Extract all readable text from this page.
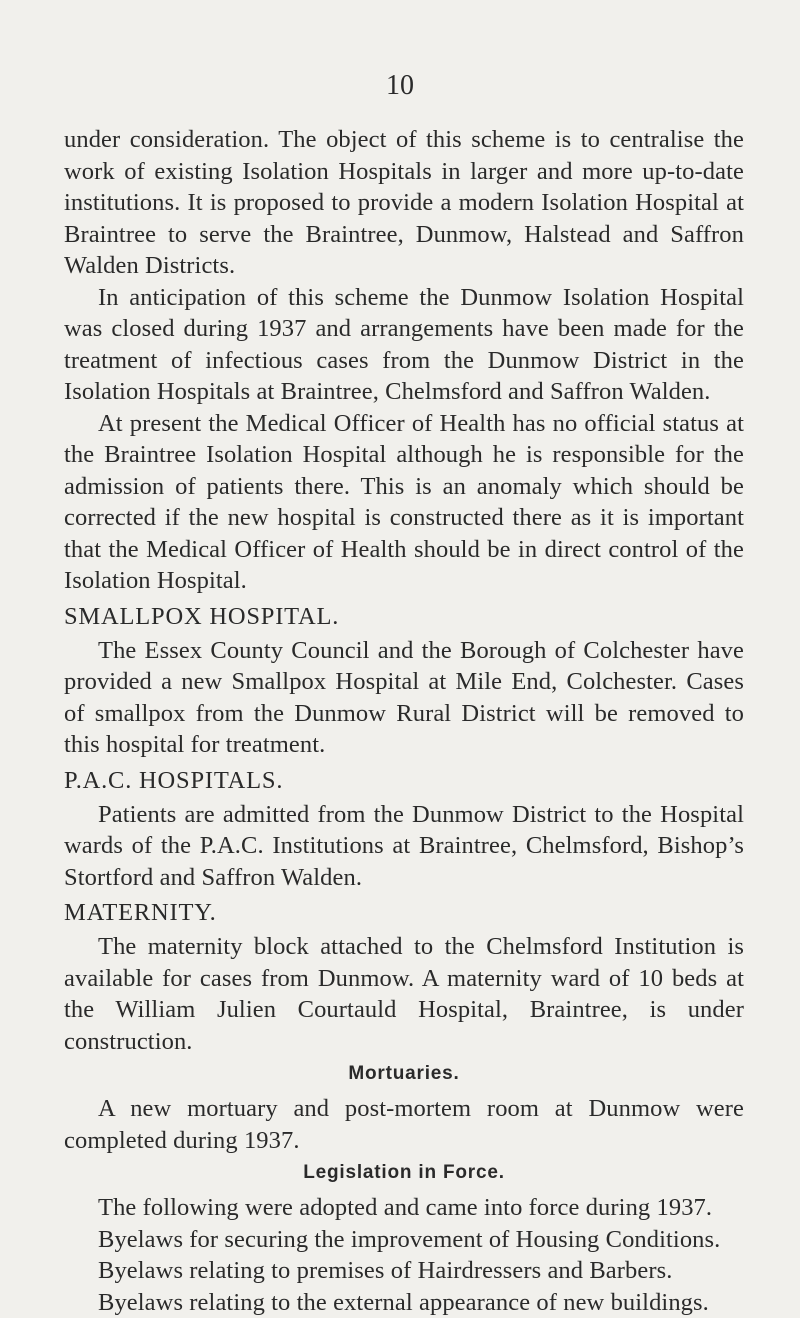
10

under consideration. The object of this scheme is to centralise the work of existing Isolation Hospitals in larger and more up-to-date institutions. It is proposed to provide a modern Isolation Hospital at Braintree to serve the Braintree, Dunmow, Halstead and Saffron Walden Districts.

In anticipation of this scheme the Dunmow Isolation Hospital was closed during 1937 and arrangements have been made for the treatment of infectious cases from the Dunmow District in the Isolation Hospitals at Braintree, Chelmsford and Saffron Walden.

At present the Medical Officer of Health has no official status at the Braintree Isolation Hospital although he is responsible for the admission of patients there. This is an anomaly which should be corrected if the new hospital is constructed there as it is important that the Medical Officer of Health should be in direct control of the Isolation Hospital.

SMALLPOX HOSPITAL.

The Essex County Council and the Borough of Colchester have provided a new Smallpox Hospital at Mile End, Colchester. Cases of smallpox from the Dunmow Rural District will be removed to this hospital for treatment.

P.A.C. HOSPITALS.

Patients are admitted from the Dunmow District to the Hospital wards of the P.A.C. Institutions at Braintree, Chelmsford, Bishop’s Stortford and Saffron Walden.

MATERNITY.

The maternity block attached to the Chelmsford Institution is available for cases from Dunmow. A maternity ward of 10 beds at the William Julien Courtauld Hospital, Braintree, is under construction.

Mortuaries.

A new mortuary and post-mortem room at Dunmow were completed during 1937.

Legislation in Force.

The following were adopted and came into force during 1937.

Byelaws for securing the improvement of Housing Conditions.

Byelaws relating to premises of Hairdressers and Barbers.

Byelaws relating to the external appearance of new buildings.
